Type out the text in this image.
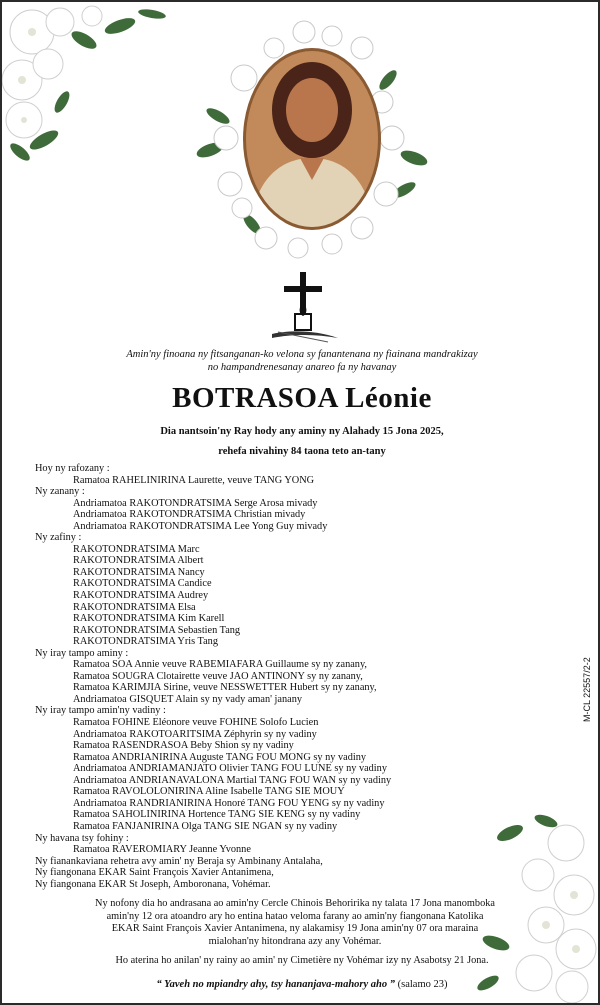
Amin'ny finoana ny fitsanganan-ko velona sy fanantenana ny fiainana mandrakizay
no hampandrenesanay anareo fa ny havanay
BOTRASOA Léonie
Dia nantsoin'ny Ray hody any aminy ny Alahady 15 Jona 2025,
rehefa nivahiny 84 taona teto an-tany
Hoy ny rafozany :
Ramatoa RAHELINIRINA Laurette, veuve TANG YONG
Ny zanany :
Andriamatoa RAKOTONDRATSIMA Serge Arosa mivady
Andriamatoa RAKOTONDRATSIMA Christian mivady
Andriamatoa RAKOTONDRATSIMA Lee Yong Guy mivady
Ny zafiny :
RAKOTONDRATSIMA Marc
RAKOTONDRATSIMA Albert
RAKOTONDRATSIMA Nancy
RAKOTONDRATSIMA Candice
RAKOTONDRATSIMA Audrey
RAKOTONDRATSIMA Elsa
RAKOTONDRATSIMA Kim Karell
RAKOTONDRATSIMA Sebastien Tang
RAKOTONDRATSIMA Yris Tang
Ny iray tampo aminy :
Ramatoa SOA Annie veuve RABEMIAFARA Guillaume sy ny zanany,
Ramatoa SOUGRA Clotairette veuve JAO ANTINONY sy ny zanany,
Ramatoa KARIMJIA Sirine, veuve NESSWETTER Hubert sy ny zanany,
Andriamatoa GISQUET Alain sy ny vady aman' janany
Ny iray tampo amin'ny vadiny :
Ramatoa FOHINE Eléonore veuve FOHINE Solofo Lucien
Andriamatoa RAKOTOARITSIMA Zéphyrin sy ny vadiny
Ramatoa RASENDRASOA Beby Shion sy ny vadiny
Ramatoa ANDRIANIRINA Auguste TANG FOU MONG sy ny vadiny
Andriamatoa ANDRIAMANJATO Olivier TANG FOU LUNE sy ny vadiny
Andriamatoa ANDRIANAVALONA Martial TANG FOU WAN sy ny vadiny
Ramatoa RAVOLOLONIRINA Aline Isabelle TANG SIE MOUY
Andriamatoa RANDRIANIRINA Honoré TANG FOU YENG sy ny vadiny
Ramatoa SAHOLINIRINA Hortence TANG SIE KENG sy ny vadiny
Ramatoa FANJANIRINA Olga TANG SIE NGAN sy ny vadiny
Ny havana tsy fohiny :
Ramatoa RAVEROMIARY Jeanne Yvonne
Ny fianankaviana rehetra avy amin' ny Beraja sy Ambinany Antalaha,
Ny fiangonana EKAR Saint François Xavier Antanimena,
Ny fiangonana EKAR St Joseph, Amboronana, Vohémar.
Ny nofony dia ho andrasana ao amin'ny Cercle Chinois Behoririka ny talata 17 Jona manomboka
amin'ny 12 ora atoandro ary ho entina hatao veloma farany ao amin'ny fiangonana Katolika
EKAR Saint François Xavier Antanimena, ny alakamisy 19 Jona amin'ny 07 ora maraina
mialohan'ny hitondrana azy any Vohémar.
Ho aterina ho anilan' ny rainy ao amin' ny Cimetière ny Vohémar izy ny Asabotsy 21 Jona.
“ Yaveh no mpiandry ahy, tsy hananjava-mahory aho ” (salamo 23)
M-CL 22557/2-2
